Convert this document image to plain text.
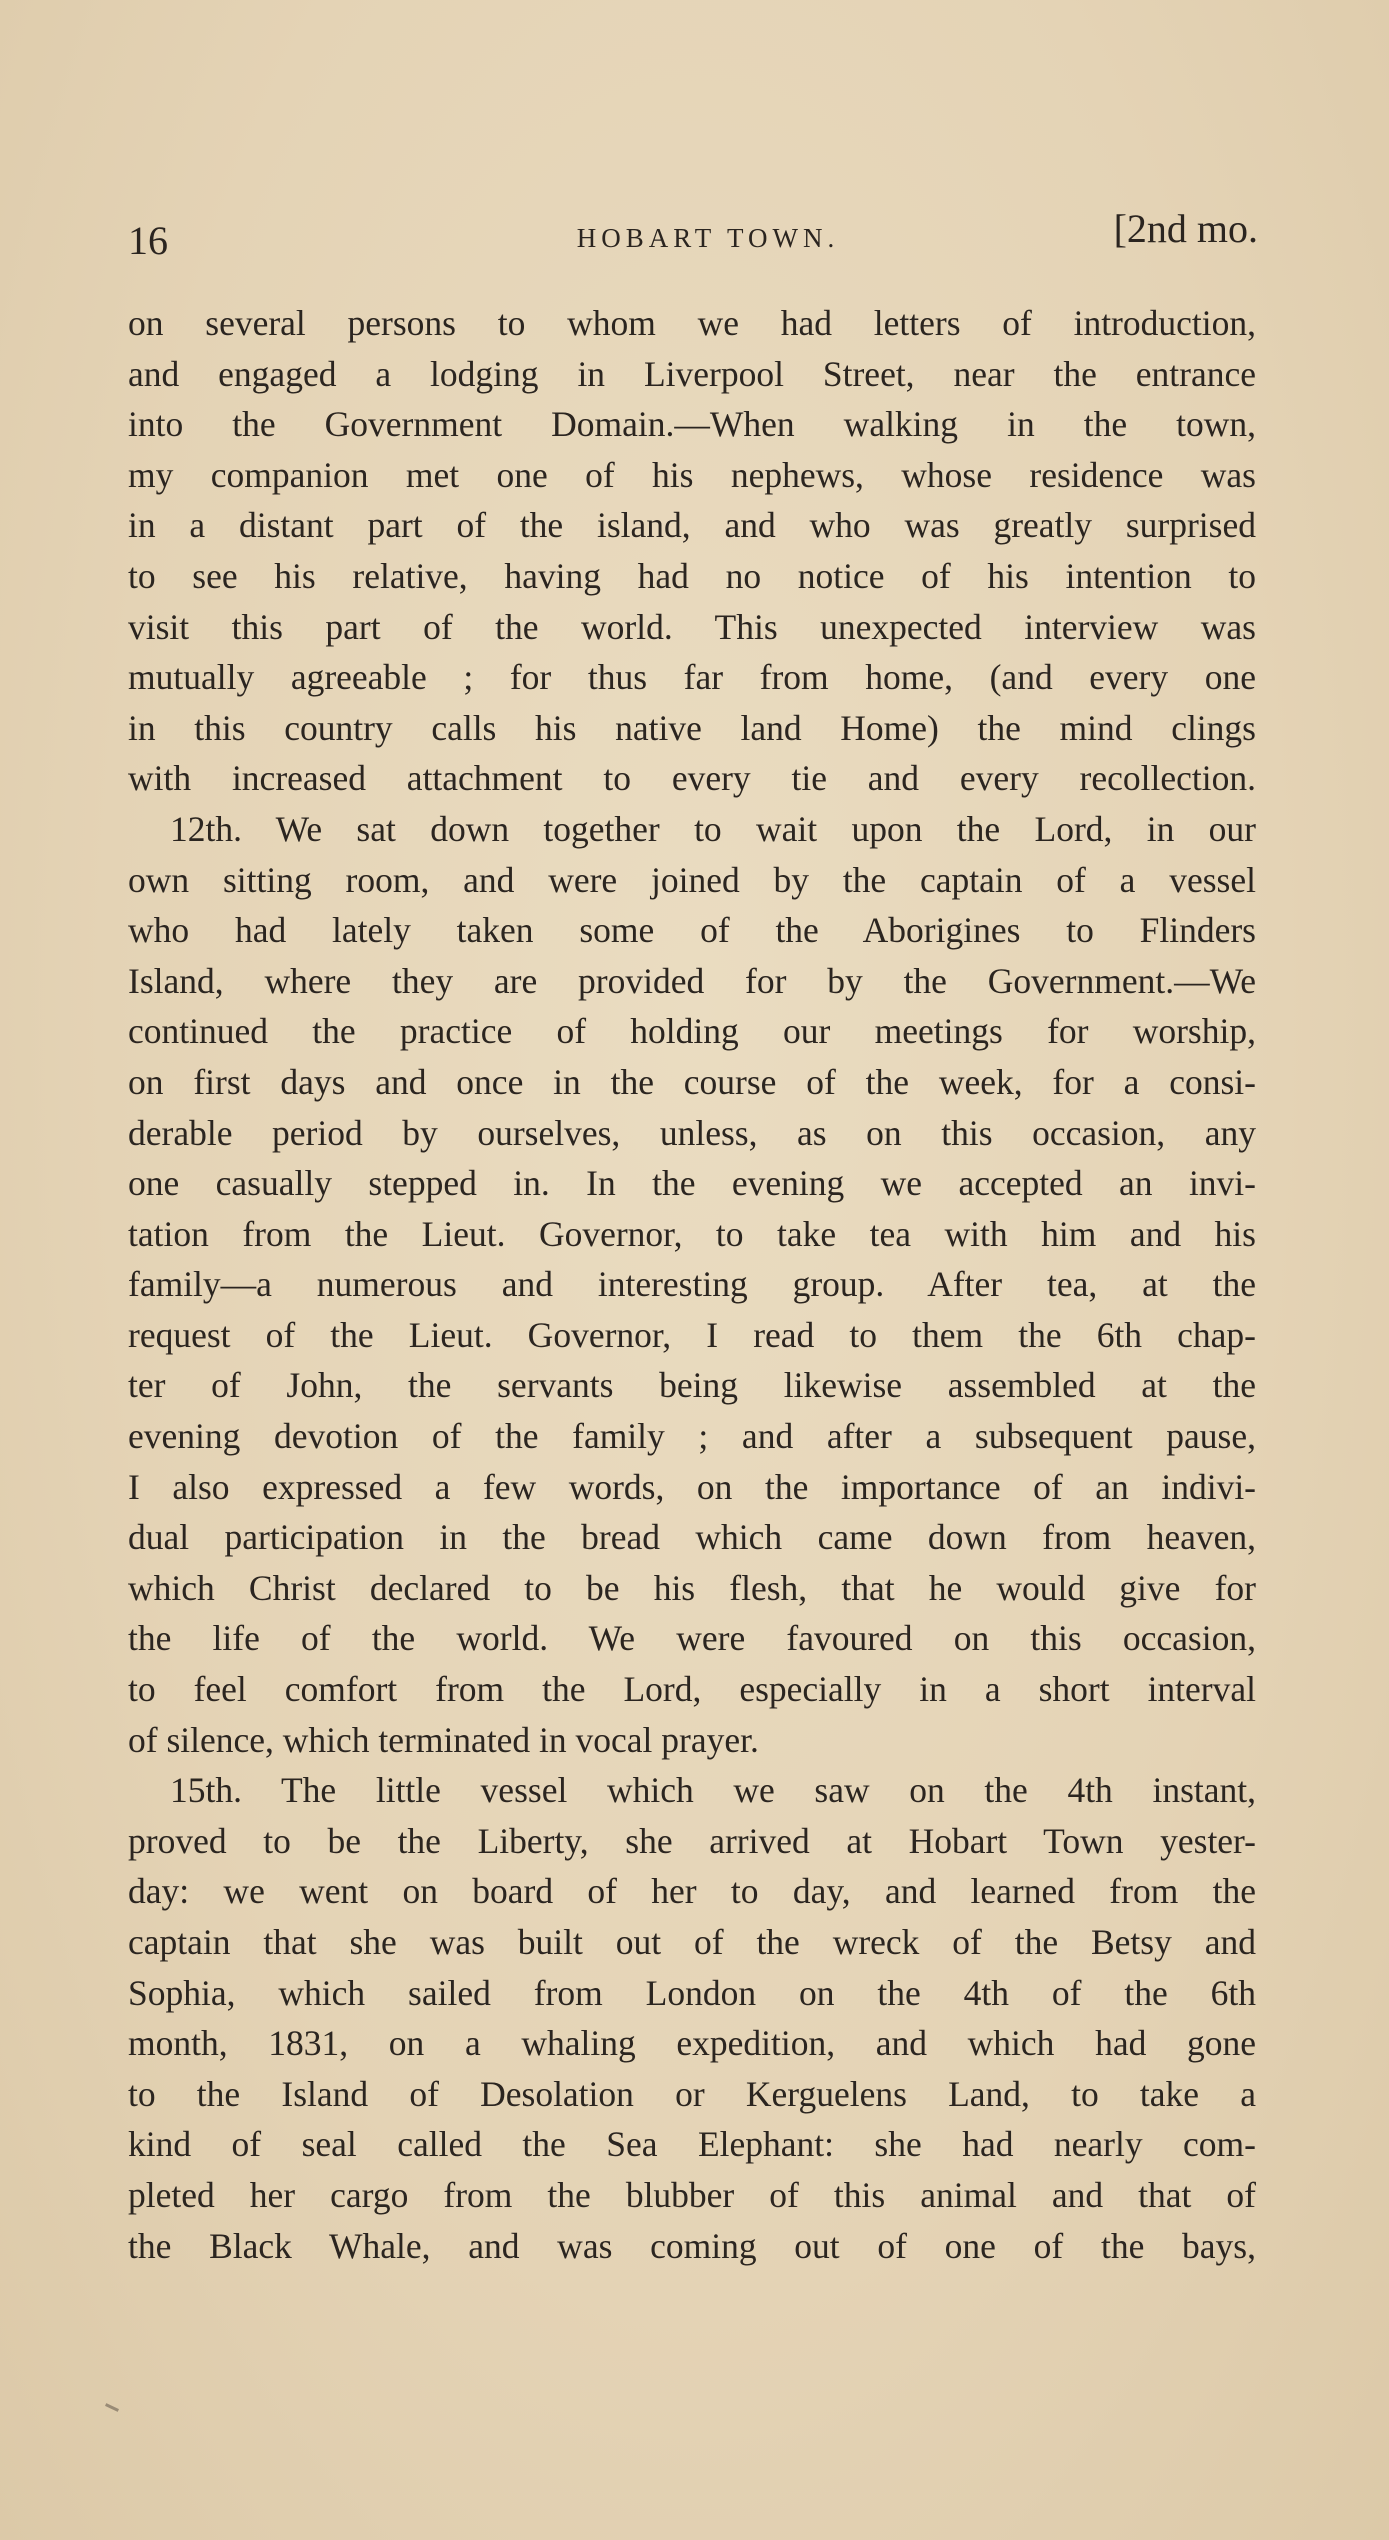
16	HOBART TOWN.	[2nd mo.
on several persons to whom we had letters of introduction,
and engaged a lodging in Liverpool Street, near the entrance
into the Government Domain.—When walking in the town,
my companion met one of his nephews, whose residence was
in a distant part of the island, and who was greatly surprised
to see his relative, having had no notice of his intention to
visit this part of the world. This unexpected interview was
mutually agreeable ; for thus far from home, (and every one
in this country calls his native land Home) the mind clings
with increased attachment to every tie and every recollection.
12th. We sat down together to wait upon the Lord, in our
own sitting room, and were joined by the captain of a vessel
who had lately taken some of the Aborigines to Flinders
Island, where they are provided for by the Government.—We
continued the practice of holding our meetings for worship,
on first days and once in the course of the week, for a consi-
derable period by ourselves, unless, as on this occasion, any
one casually stepped in. In the evening we accepted an invi-
tation from the Lieut. Governor, to take tea with him and his
family—a numerous and interesting group. After tea, at the
request of the Lieut. Governor, I read to them the 6th chap-
ter of John, the servants being likewise assembled at the
evening devotion of the family ; and after a subsequent pause,
I also expressed a few words, on the importance of an indivi-
dual participation in the bread which came down from heaven,
which Christ declared to be his flesh, that he would give for
the life of the world. We were favoured on this occasion,
to feel comfort from the Lord, especially in a short interval
of silence, which terminated in vocal prayer.
15th. The little vessel which we saw on the 4th instant,
proved to be the Liberty, she arrived at Hobart Town yester-
day: we went on board of her to day, and learned from the
captain that she was built out of the wreck of the Betsy and
Sophia, which sailed from London on the 4th of the 6th
month, 1831, on a whaling expedition, and which had gone
to the Island of Desolation or Kerguelens Land, to take a
kind of seal called the Sea Elephant: she had nearly com-
pleted her cargo from the blubber of this animal and that of
the Black Whale, and was coming out of one of the bays,
